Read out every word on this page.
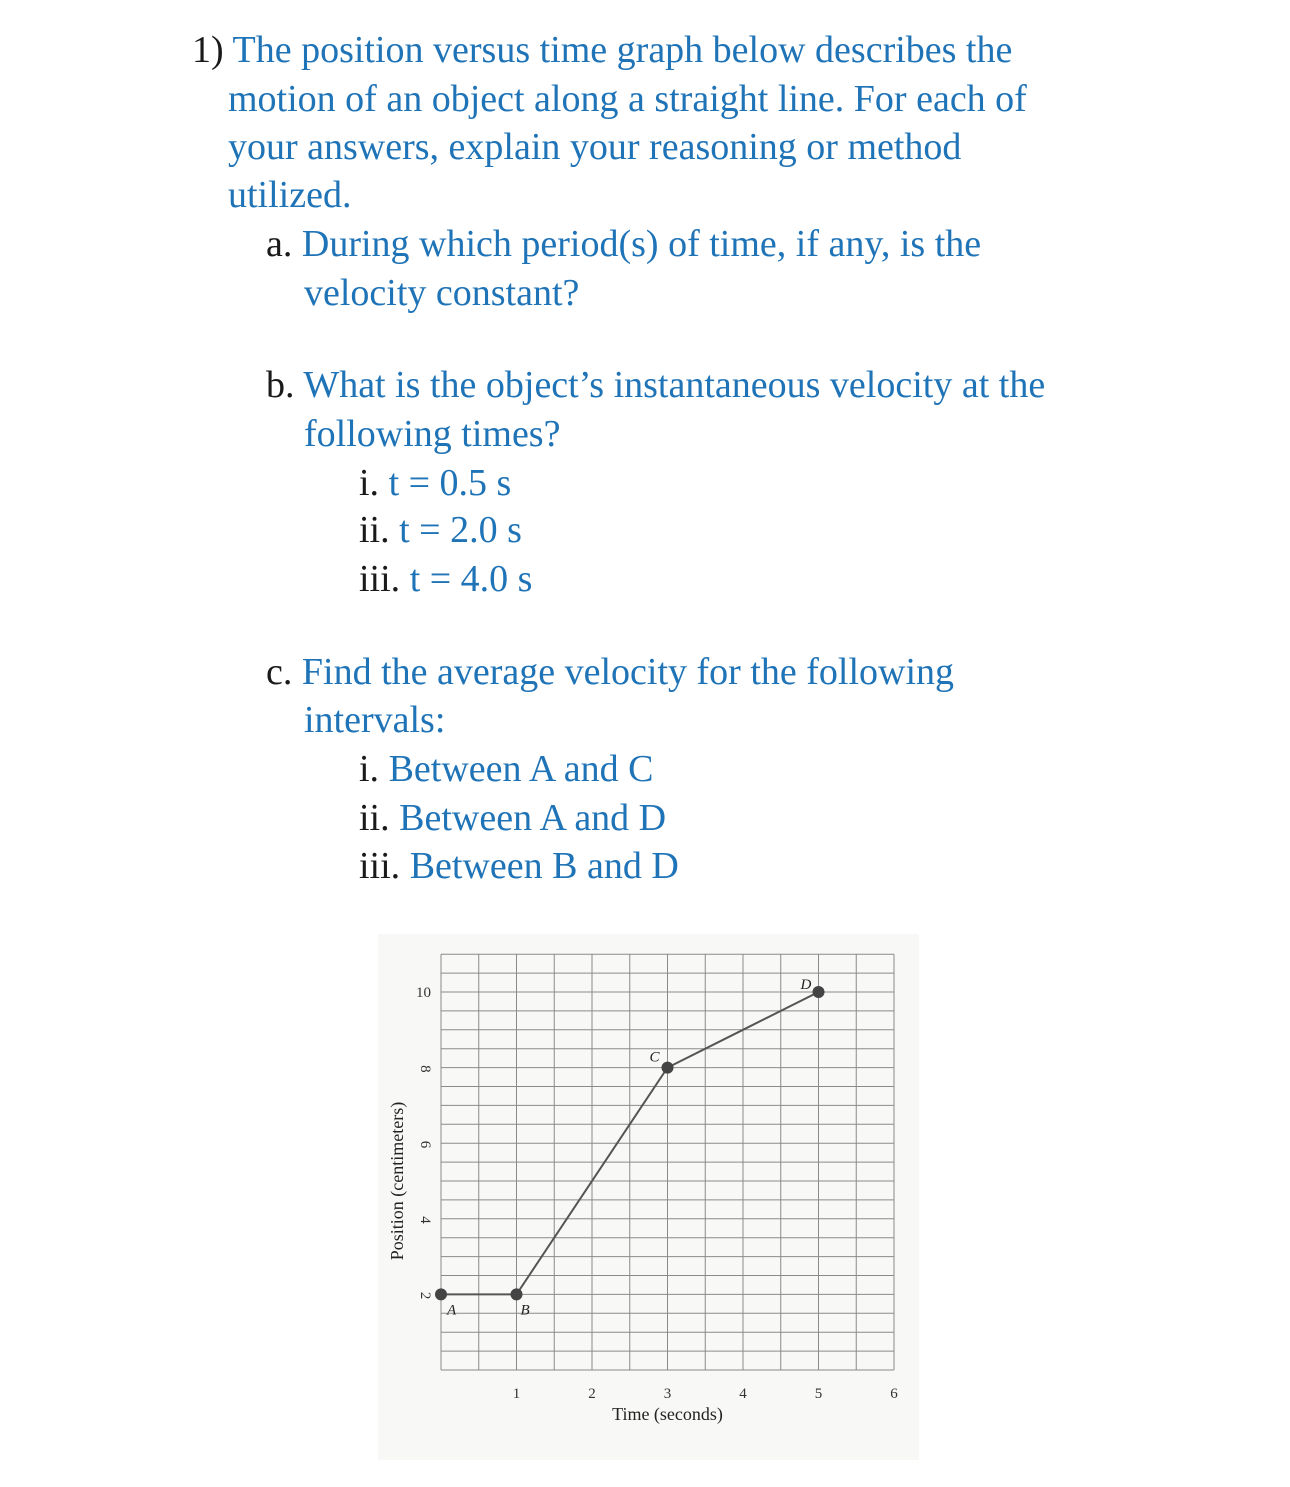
1) The position versus time graph below describes the
motion of an object along a straight line. For each of
your answers, explain your reasoning or method
utilized.
a. During which period(s) of time, if any, is the
velocity constant?
b. What is the object’s instantaneous velocity at the
following times?
i. t = 0.5 s
ii. t = 2.0 s
iii. t = 4.0 s
c. Find the average velocity for the following
intervals:
i. Between A and C
ii. Between A and D
iii. Between B and D
A	B
C
D
1	2	3	4	5	6
2
4
6
8
10
Time (seconds)
Position (centimeters)
